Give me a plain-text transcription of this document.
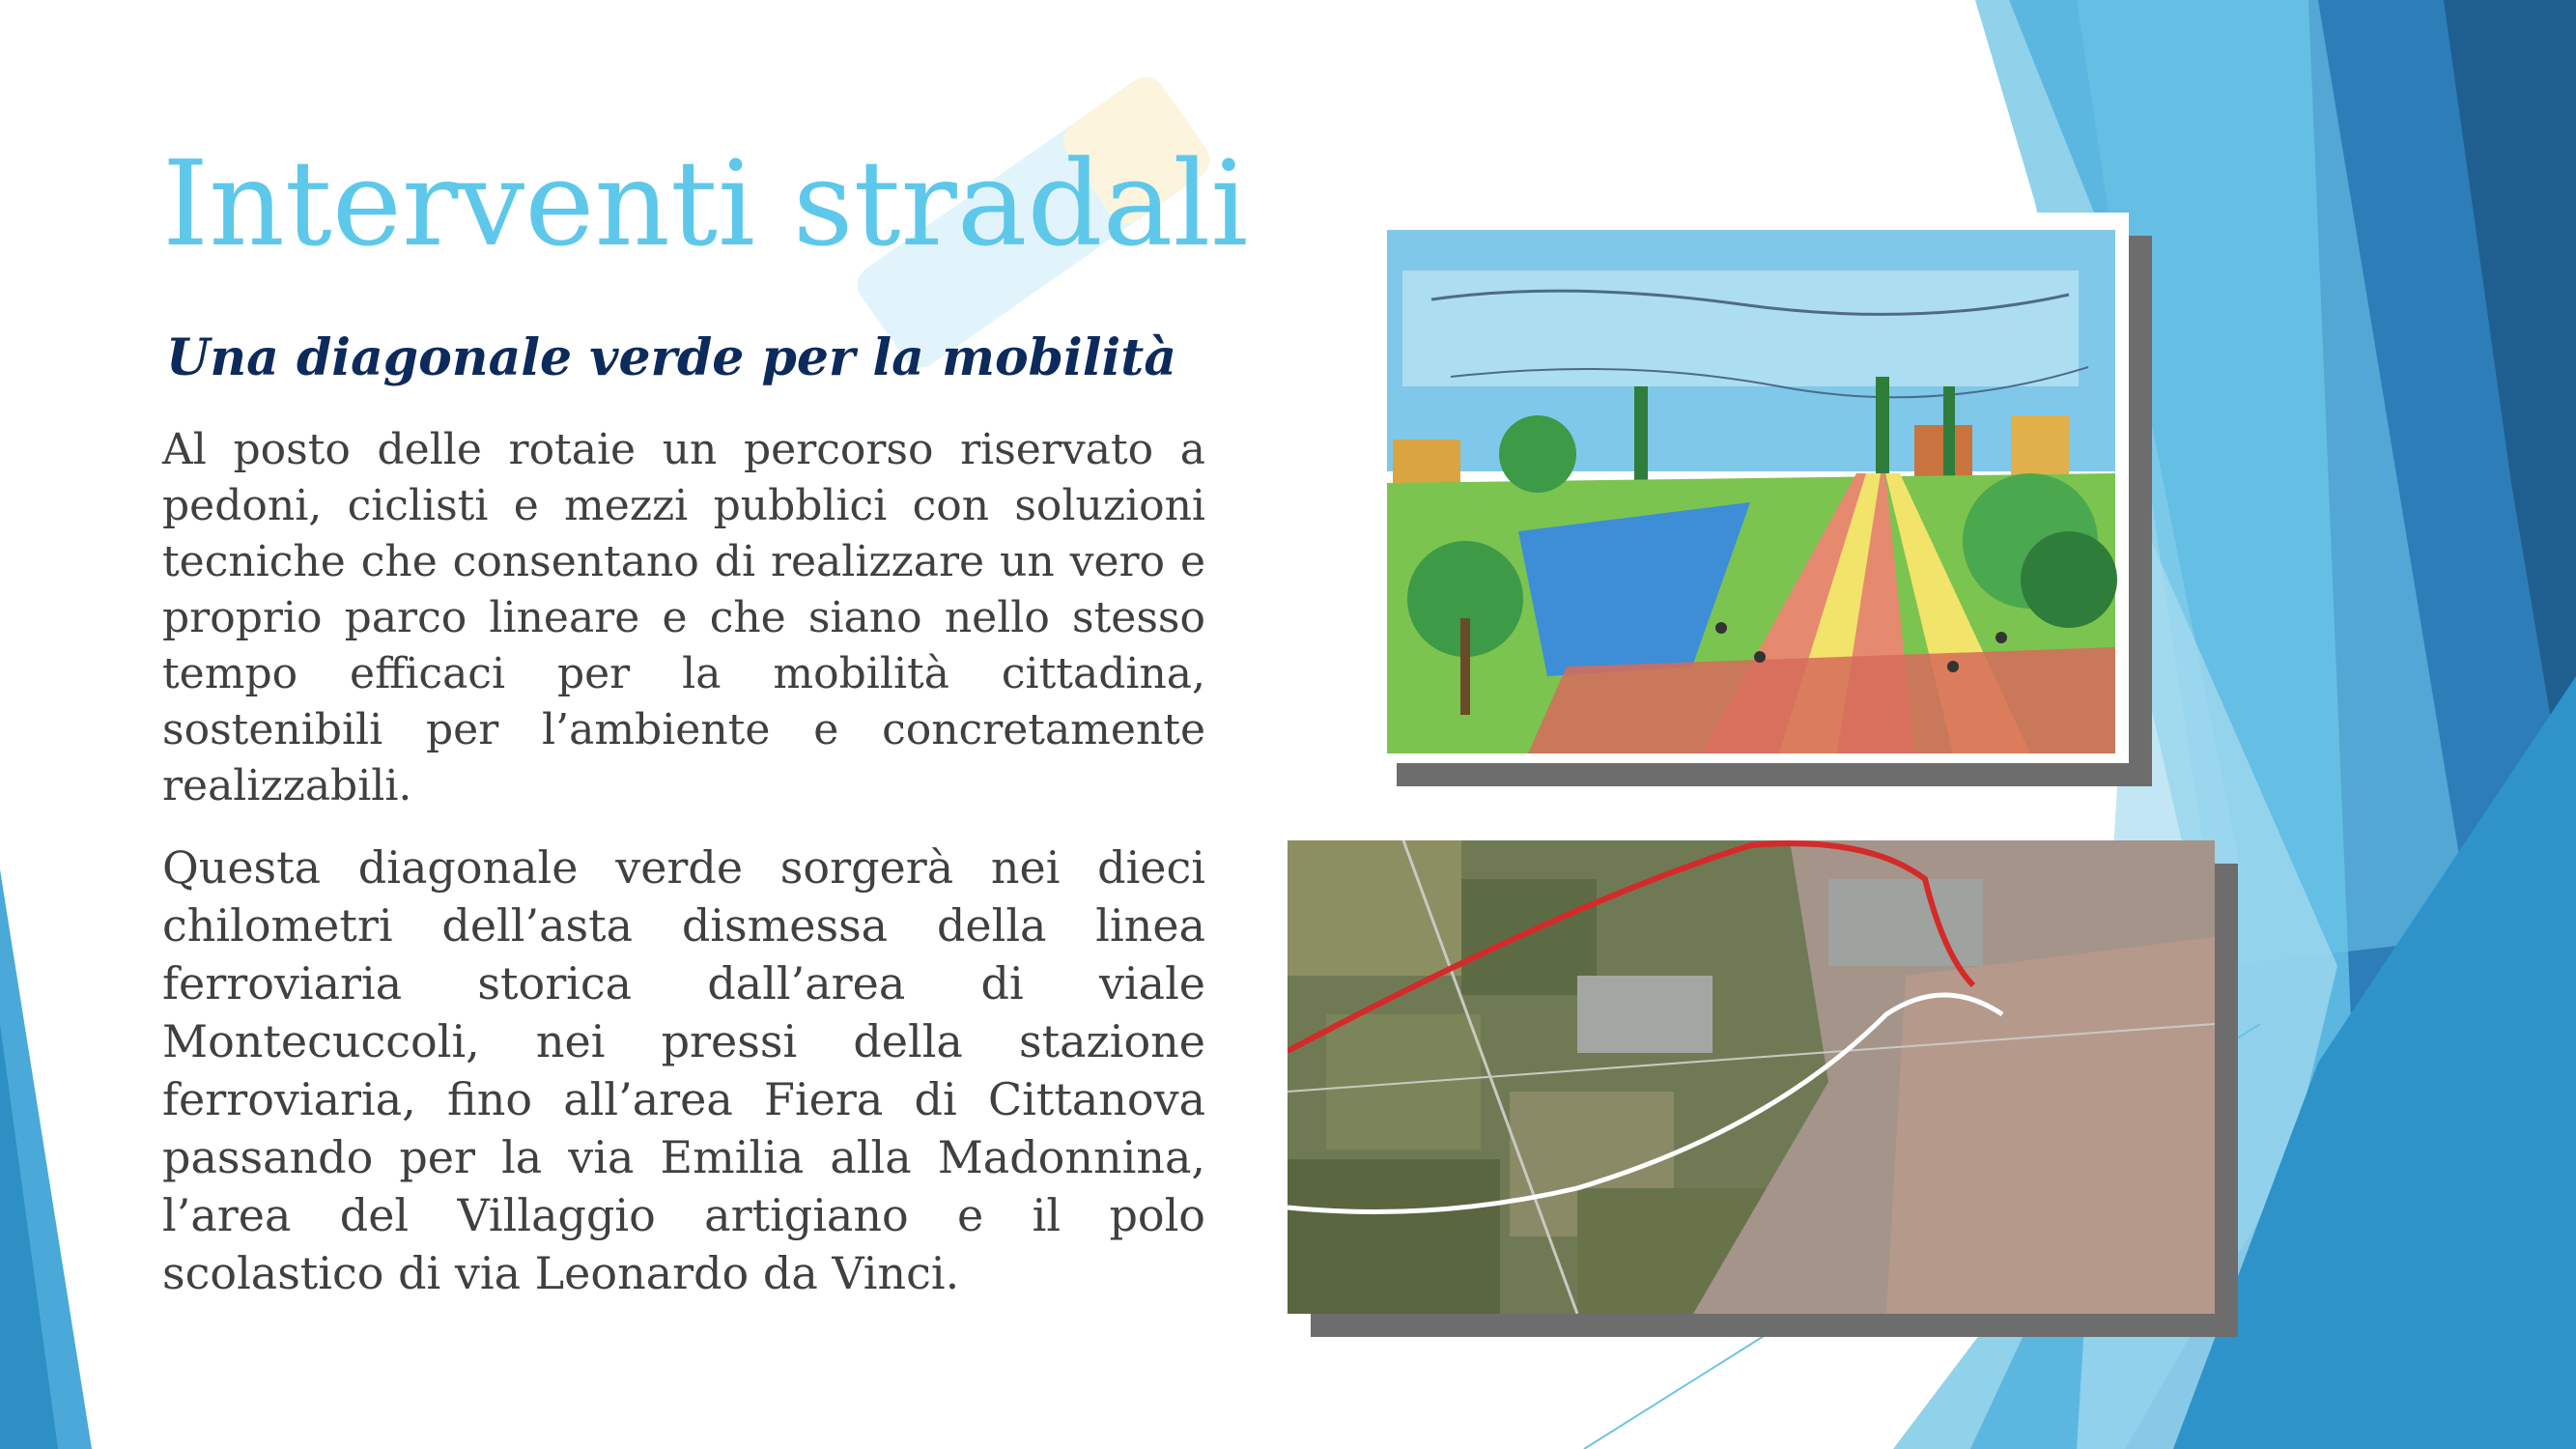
Interventi stradali
Una diagonale verde per la mobilità

Al posto delle rotaie un percorso riservato a pedoni, ciclisti e mezzi pubblici con soluzioni tecniche che consentano di realizzare un vero e proprio parco lineare e che siano nello stesso tempo efficaci per la mobilità cittadina, sostenibili per l’ambiente e concretamente realizzabili.

Questa diagonale verde sorgerà nei dieci chilometri dell’asta dismessa della linea ferroviaria storica dall’area di viale Montecuccoli, nei pressi della stazione ferroviaria, fino all’area Fiera di Cittanova passando per la via Emilia alla Madonnina, l’area del Villaggio artigiano e il polo scolastico di via Leonardo da Vinci.
